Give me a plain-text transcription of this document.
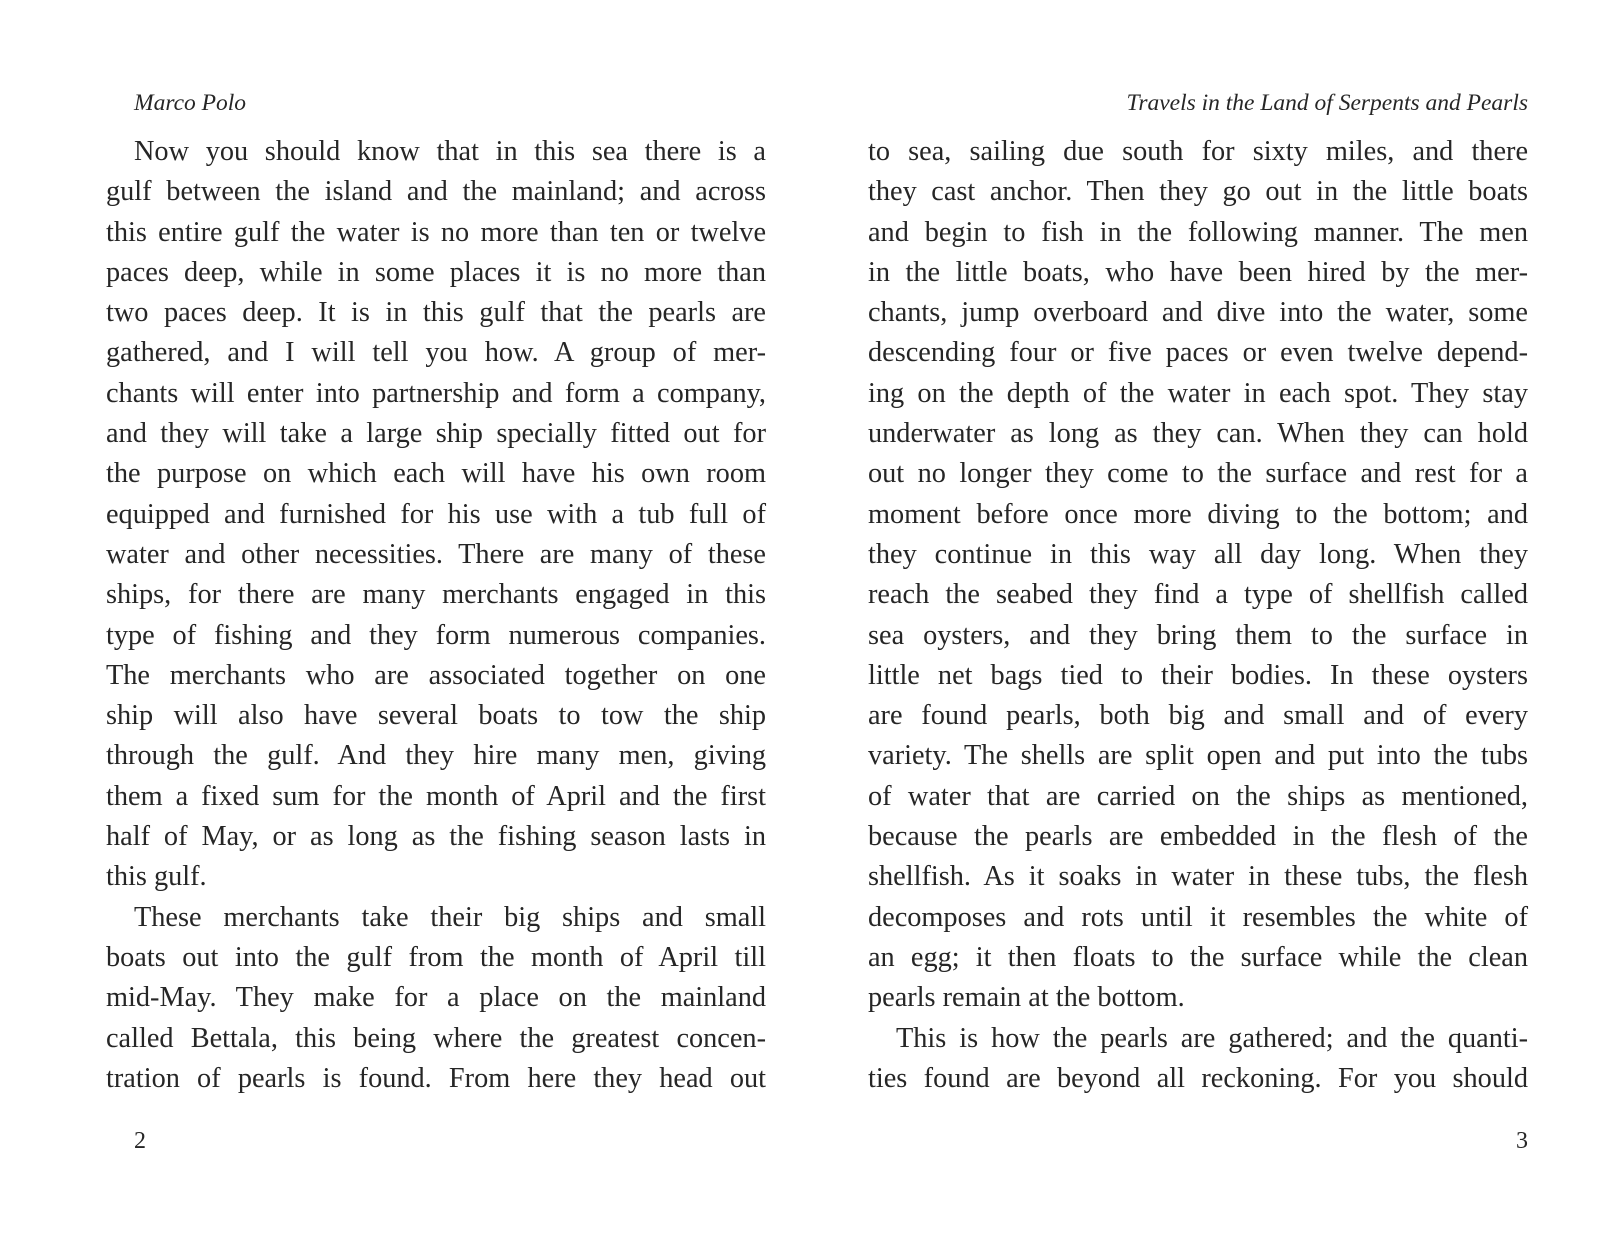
Marco Polo
Now you should know that in this sea there is a
gulf between the island and the mainland; and across
this entire gulf the water is no more than ten or twelve
paces deep, while in some places it is no more than
two paces deep. It is in this gulf that the pearls are
gathered, and I will tell you how. A group of mer-
chants will enter into partnership and form a company,
and they will take a large ship specially fitted out for
the purpose on which each will have his own room
equipped and furnished for his use with a tub full of
water and other necessities. There are many of these
ships, for there are many merchants engaged in this
type of fishing and they form numerous companies.
The merchants who are associated together on one
ship will also have several boats to tow the ship
through the gulf. And they hire many men, giving
them a fixed sum for the month of April and the first
half of May, or as long as the fishing season lasts in
this gulf.
These merchants take their big ships and small
boats out into the gulf from the month of April till
mid-May. They make for a place on the mainland
called Bettala, this being where the greatest concen-
tration of pearls is found. From here they head out
2
Travels in the Land of Serpents and Pearls
to sea, sailing due south for sixty miles, and there
they cast anchor. Then they go out in the little boats
and begin to fish in the following manner. The men
in the little boats, who have been hired by the mer-
chants, jump overboard and dive into the water, some
descending four or five paces or even twelve depend-
ing on the depth of the water in each spot. They stay
underwater as long as they can. When they can hold
out no longer they come to the surface and rest for a
moment before once more diving to the bottom; and
they continue in this way all day long. When they
reach the seabed they find a type of shellfish called
sea oysters, and they bring them to the surface in
little net bags tied to their bodies. In these oysters
are found pearls, both big and small and of every
variety. The shells are split open and put into the tubs
of water that are carried on the ships as mentioned,
because the pearls are embedded in the flesh of the
shellfish. As it soaks in water in these tubs, the flesh
decomposes and rots until it resembles the white of
an egg; it then floats to the surface while the clean
pearls remain at the bottom.
This is how the pearls are gathered; and the quanti-
ties found are beyond all reckoning. For you should
3
